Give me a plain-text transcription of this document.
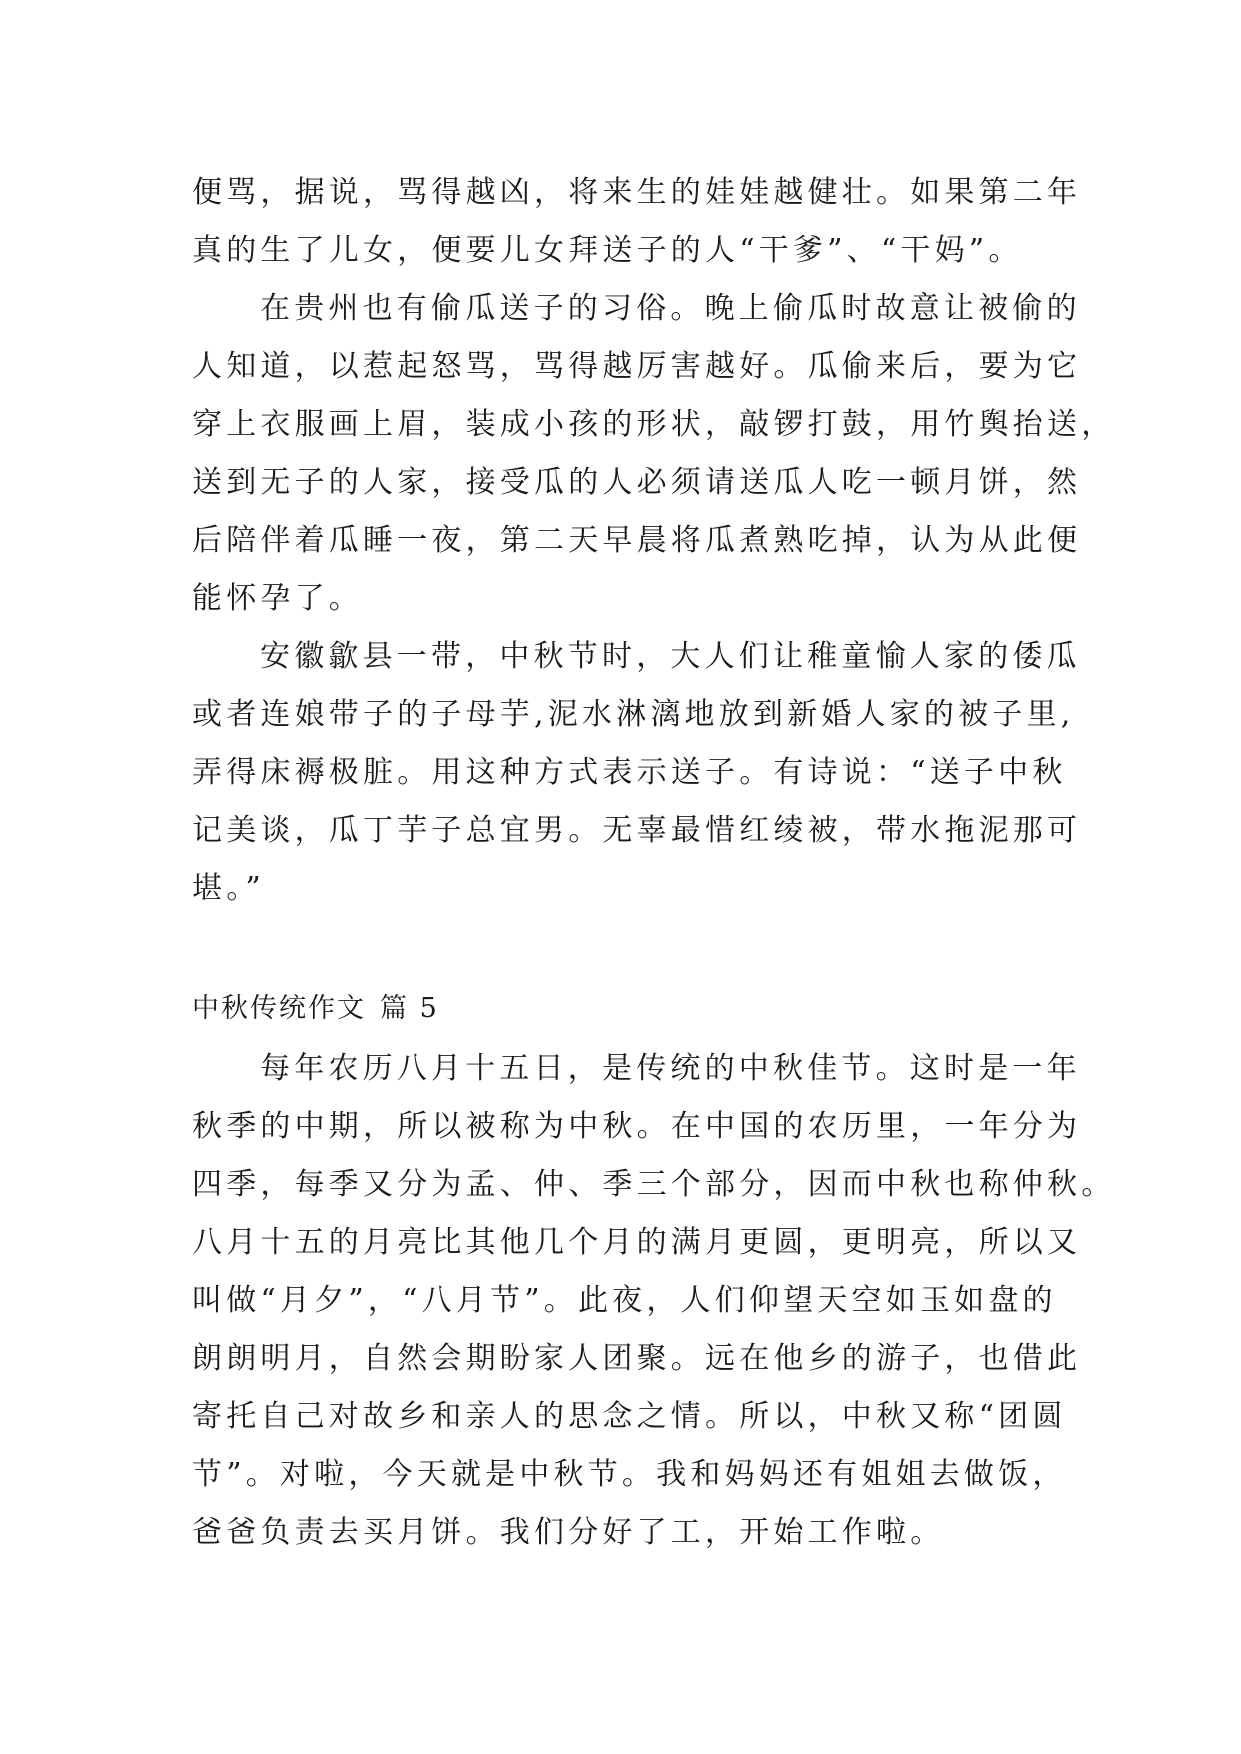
便骂，据说，骂得越凶，将来生的娃娃越健壮。如果第二年
真的生了儿女，便要儿女拜送子的人“干爹”、“干妈”。
在贵州也有偷瓜送子的习俗。晚上偷瓜时故意让被偷的
人知道，以惹起怒骂，骂得越厉害越好。瓜偷来后，要为它
穿上衣服画上眉，装成小孩的形状，敲锣打鼓，用竹舆抬送，
送到无子的人家，接受瓜的人必须请送瓜人吃一顿月饼，然
后陪伴着瓜睡一夜，第二天早晨将瓜煮熟吃掉，认为从此便
能怀孕了。
安徽歙县一带，中秋节时，大人们让稚童愉人家的倭瓜
或者连娘带子的子母芋,泥水淋漓地放到新婚人家的被子里,
弄得床褥极脏。用这种方式表示送子。有诗说：“送子中秋
记美谈，瓜丁芋子总宜男。无辜最惜红绫被，带水拖泥那可
堪。”
中秋传统作文 篇 5
每年农历八月十五日，是传统的中秋佳节。这时是一年
秋季的中期，所以被称为中秋。在中国的农历里，一年分为
四季，每季又分为孟、仲、季三个部分，因而中秋也称仲秋。
八月十五的月亮比其他几个月的满月更圆，更明亮，所以又
叫做“月夕”，“八月节”。此夜，人们仰望天空如玉如盘的
朗朗明月，自然会期盼家人团聚。远在他乡的游子，也借此
寄托自己对故乡和亲人的思念之情。所以，中秋又称“团圆
节”。对啦，今天就是中秋节。我和妈妈还有姐姐去做饭，
爸爸负责去买月饼。我们分好了工，开始工作啦。
